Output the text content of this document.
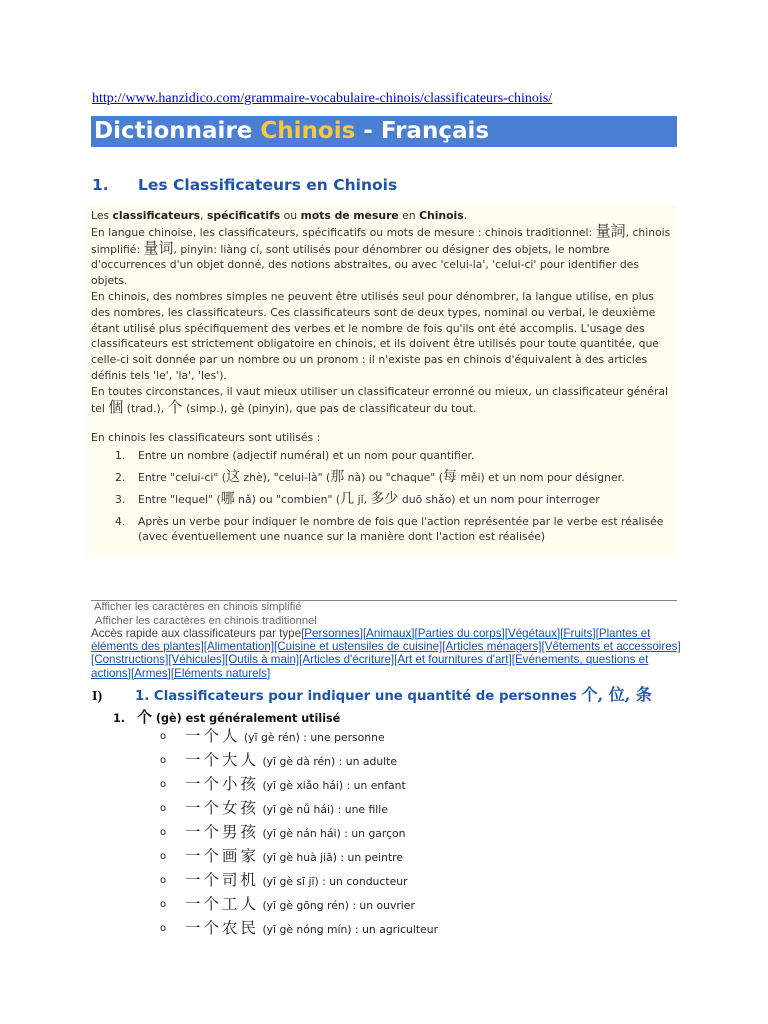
http://www.hanzidico.com/grammaire-vocabulaire-chinois/classificateurs-chinois/
Dictionnaire Chinois - Français
1. Les Classificateurs en Chinois

Les classificateurs, spécificatifs ou mots de mesure en Chinois.

En langue chinoise, les classificateurs, spécificatifs ou mots de mesure : chinois traditionnel: 量詞, chinois simplifié: 量词, pinyin: liàng cí, sont utilisés pour dénombrer ou désigner des objets, le nombre d'occurrences d'un objet donné, des notions abstraites, ou avec 'celui-la', 'celui-ci' pour identifier des objets.

En chinois, des nombres simples ne peuvent être utilisés seul pour dénombrer, la langue utilise, en plus des nombres, les classificateurs. Ces classificateurs sont de deux types, nominal ou verbal, le deuxième étant utilisé plus spécifiquement des verbes et le nombre de fois qu'ils ont été accomplis. L'usage des classificateurs est strictement obligatoire en chinois, et ils doivent être utilisés pour toute quantitée, que celle-ci soit donnée par un nombre ou un pronom : il n'existe pas en chinois d'équivalent à des articles définis tels 'le', 'la', 'les').

En toutes circonstances, il vaut mieux utiliser un classificateur erronné ou mieux, un classificateur général tel 個 (trad.), 个 (simp.), gè (pinyin), que pas de classificateur du tout.

En chinois les classificateurs sont utilisés :

1. Entre un nombre (adjectif numéral) et un nom pour quantifier.
2. Entre "celui-ci" (这 zhè), "celui-là" (那 nà) ou "chaque" (每 měi) et un nom pour désigner.
3. Entre "lequel" (哪 nǎ) ou "combien" (几 jǐ, 多少 duō shǎo) et un nom pour interroger
4. Après un verbe pour indiquer le nombre de fois que l'action représentée par le verbe est réalisée (avec éventuellement une nuance sur la manière dont l'action est réalisée)
Afficher les caractères en chinois simplifié
Afficher les caractères en chinois traditionnel
Accès rapide aux classificateurs par type[Personnes][Animaux][Parties du corps][Végétaux][Fruits][Plantes et éléments des plantes][Alimentation][Cuisine et ustensiles de cuisine][Articles ménagers][Vêtements et accessoires][Constructions][Véhicules][Outils à main][Articles d'écriture][Art et fournitures d'art][Evénements, questions et actions][Armes][Eléments naturels]
I) 1. Classificateurs pour indiquer une quantité de personnes 个, 位, 条
1. 个 (gè) est généralement utilisé
o 一个人 (yī gè rén) : une personne
o 一个大人 (yī gè dà rén) : un adulte
o 一个小孩 (yī gè xiǎo hái) : un enfant
o 一个女孩 (yī gè nǚ hái) : une fille
o 一个男孩 (yī gè nán hái) : un garçon
o 一个画家 (yī gè huà jiā) : un peintre
o 一个司机 (yī gè sī jī) : un conducteur
o 一个工人 (yī gè gōng rén) : un ouvrier
o 一个农民 (yī gè nóng mín) : un agriculteur
